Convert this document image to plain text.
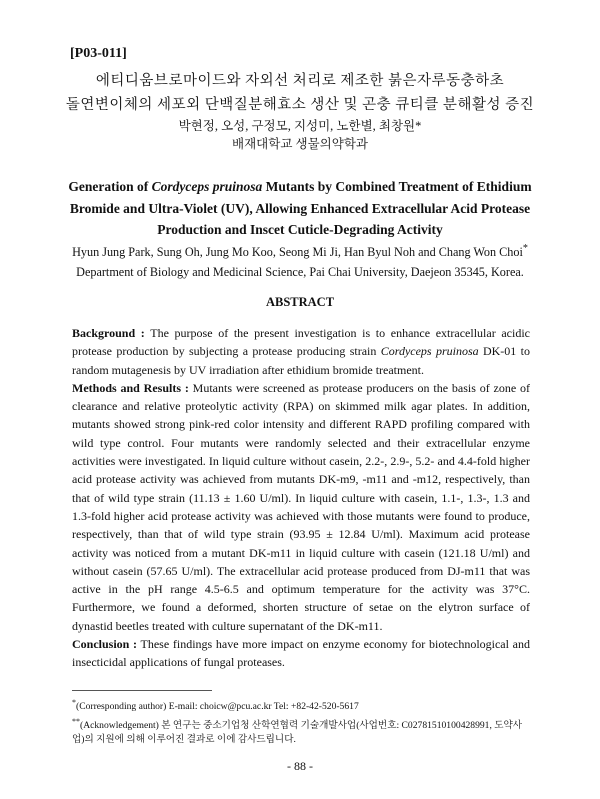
[P03-011]
에티디움브로마이드와 자외선 처리로 제조한 붉은자루동충하초
돌연변이체의 세포외 단백질분해효소 생산 및 곤충 큐티클 분해활성 증진
박현정, 오성, 구정모, 지성미, 노한별, 최창원*
배재대학교 생물의약학과
Generation of Cordyceps pruinosa Mutants by Combined Treatment of Ethidium
Bromide and Ultra-Violet (UV), Allowing Enhanced Extracellular Acid Protease
Production and Inscet Cuticle-Degrading Activity
Hyun Jung Park, Sung Oh, Jung Mo Koo, Seong Mi Ji, Han Byul Noh and Chang Won Choi*
Department of Biology and Medicinal Science, Pai Chai University, Daejeon 35345, Korea.
ABSTRACT

Background : The purpose of the present investigation is to enhance extracellular acidic protease production by subjecting a protease producing strain Cordyceps pruinosa DK-01 to random mutagenesis by UV irradiation after ethidium bromide treatment.

Methods and Results : Mutants were screened as protease producers on the basis of zone of clearance and relative proteolytic activity (RPA) on skimmed milk agar plates. In addition, mutants showed strong pink-red color intensity and different RAPD profiling compared with wild type control. Four mutants were randomly selected and their extracellular enzyme activities were investigated. In liquid culture without casein, 2.2-, 2.9-, 5.2- and 4.4-fold higher acid protease activity was achieved from mutants DK-m9, -m11 and -m12, respectively, than that of wild type strain (11.13 ± 1.60 U/ml). In liquid culture with casein, 1.1-, 1.3-, 1.3 and 1.3-fold higher acid protease activity was achieved with those mutants were found to produce, respectively, than that of wild type strain (93.95 ± 12.84 U/ml). Maximum acid protease activity was noticed from a mutant DK-m11 in liquid culture with casein (121.18 U/ml) and without casein (57.65 U/ml). The extracellular acid protease produced from DJ-m11 that was active in the pH range 4.5-6.5 and optimum temperature for the activity was 37°C. Furthermore, we found a deformed, shorten structure of setae on the elytron surface of dynastid beetles treated with culture supernatant of the DK-m11.

Conclusion : These findings have more impact on enzyme economy for biotechnological and insecticidal applications of fungal proteases.

*(Corresponding author) E-mail: choicw@pcu.ac.kr Tel: +82-42-520-5617

**(Acknowledgement) 본 연구는 중소기업청 산학연협력 기술개발사업(사업번호: C0278151010042899​1, 도약사업)의 지원에 의해 이루어진 결과로 이에 감사드립니다.

- 88 -
